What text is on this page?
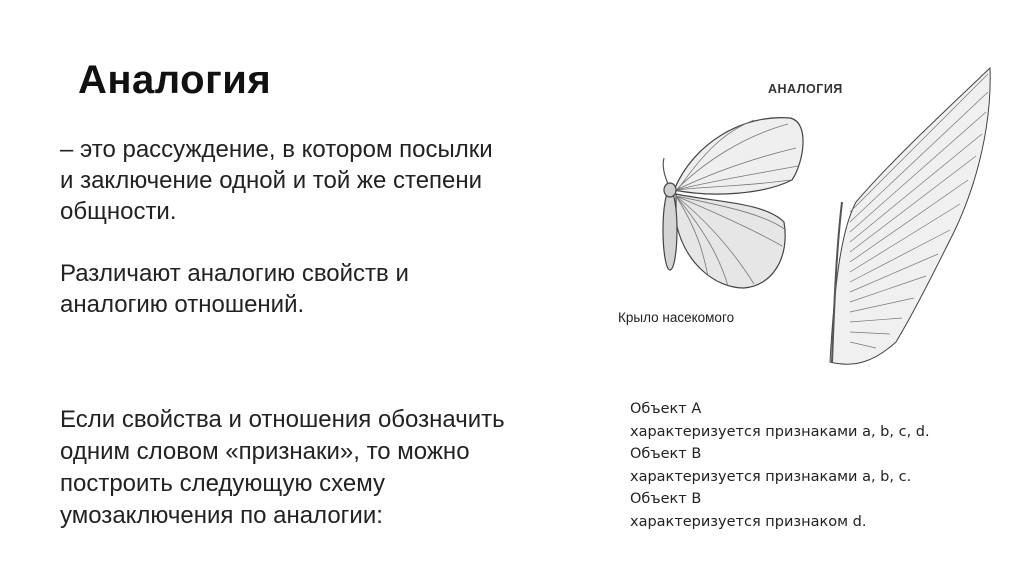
Аналогия
– это рассуждение, в котором посылки
и заключение одной и той же степени
общности.
Различают аналогию свойств и
аналогию отношений.
Если свойства и отношения обозначить
одним словом «признаки», то можно
построить следующую схему
умозаключения по аналогии:
АНАЛОГИЯ
Крыло насекомого
Объект А
характеризуется признаками a, b, c, d.
Объект В
характеризуется признаками a, b, c.
Объект В
характеризуется признаком d.
